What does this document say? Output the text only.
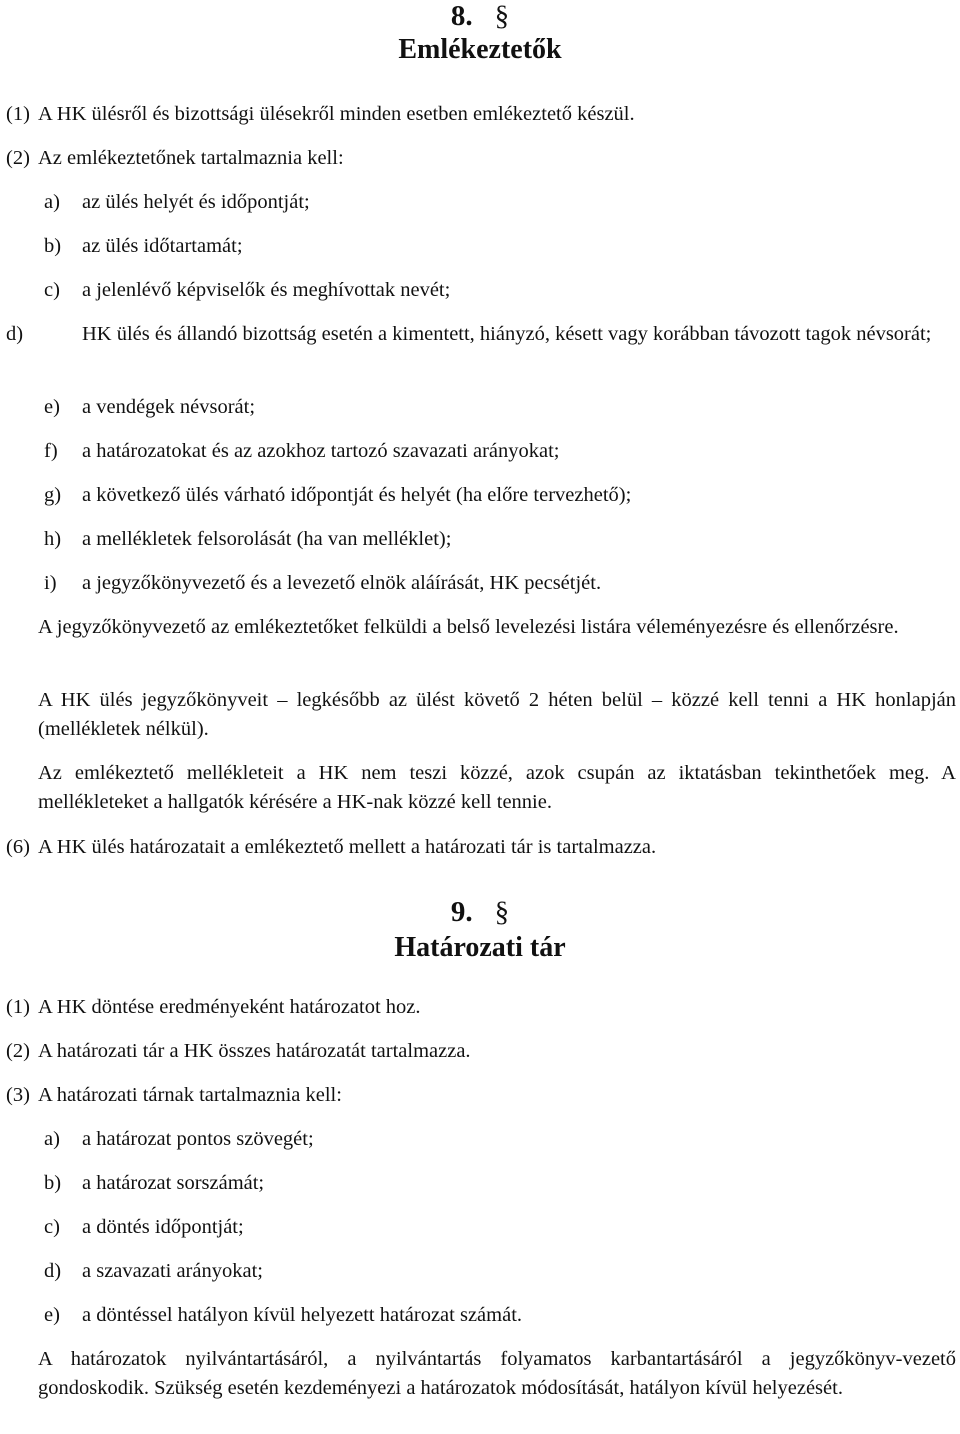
8. §
Emlékeztetők
(1) A HK ülésről és bizottsági ülésekről minden esetben emlékeztető készül.
(2) Az emlékeztetőnek tartalmaznia kell:
a) az ülés helyét és időpontját;
b) az ülés időtartamát;
c) a jelenlévő képviselők és meghívottak nevét;
d)	HK ülés és állandó bizottság esetén a kimentett, hiányzó, késett vagy korábban távozott tagok névsorát;
e) a vendégek névsorát;
f) a határozatokat és az azokhoz tartozó szavazati arányokat;
g) a következő ülés várható időpontját és helyét (ha előre tervezhető);
h) a mellékletek felsorolását (ha van melléklet);
i) a jegyzőkönyvezető és a levezető elnök aláírását, HK pecsétjét.
A jegyzőkönyvezető az emlékeztetőket felküldi a belső levelezési listára véleményezésre és ellenőrzésre.
A HK ülés jegyzőkönyveit – legkésőbb az ülést követő 2 héten belül – közzé kell tenni a HK honlapján (mellékletek nélkül).
Az emlékeztető mellékleteit a HK nem teszi közzé, azok csupán az iktatásban tekinthetőek meg. A mellékleteket a hallgatók kérésére a HK-nak közzé kell tennie.
(6) A HK ülés határozatait a emlékeztető mellett a határozati tár is tartalmazza.
9. §
Határozati tár
(1) A HK döntése eredményeként határozatot hoz.
(2) A határozati tár a HK összes határozatát tartalmazza.
(3) A határozati tárnak tartalmaznia kell:
a) a határozat pontos szövegét;
b) a határozat sorszámát;
c) a döntés időpontját;
d) a szavazati arányokat;
e) a döntéssel hatályon kívül helyezett határozat számát.
A határozatok nyilvántartásáról, a nyilvántartás folyamatos karbantartásáról a jegyzőkönyv-vezető gondoskodik. Szükség esetén kezdeményezi a határozatok módosítását, hatályon kívül helyezését.
